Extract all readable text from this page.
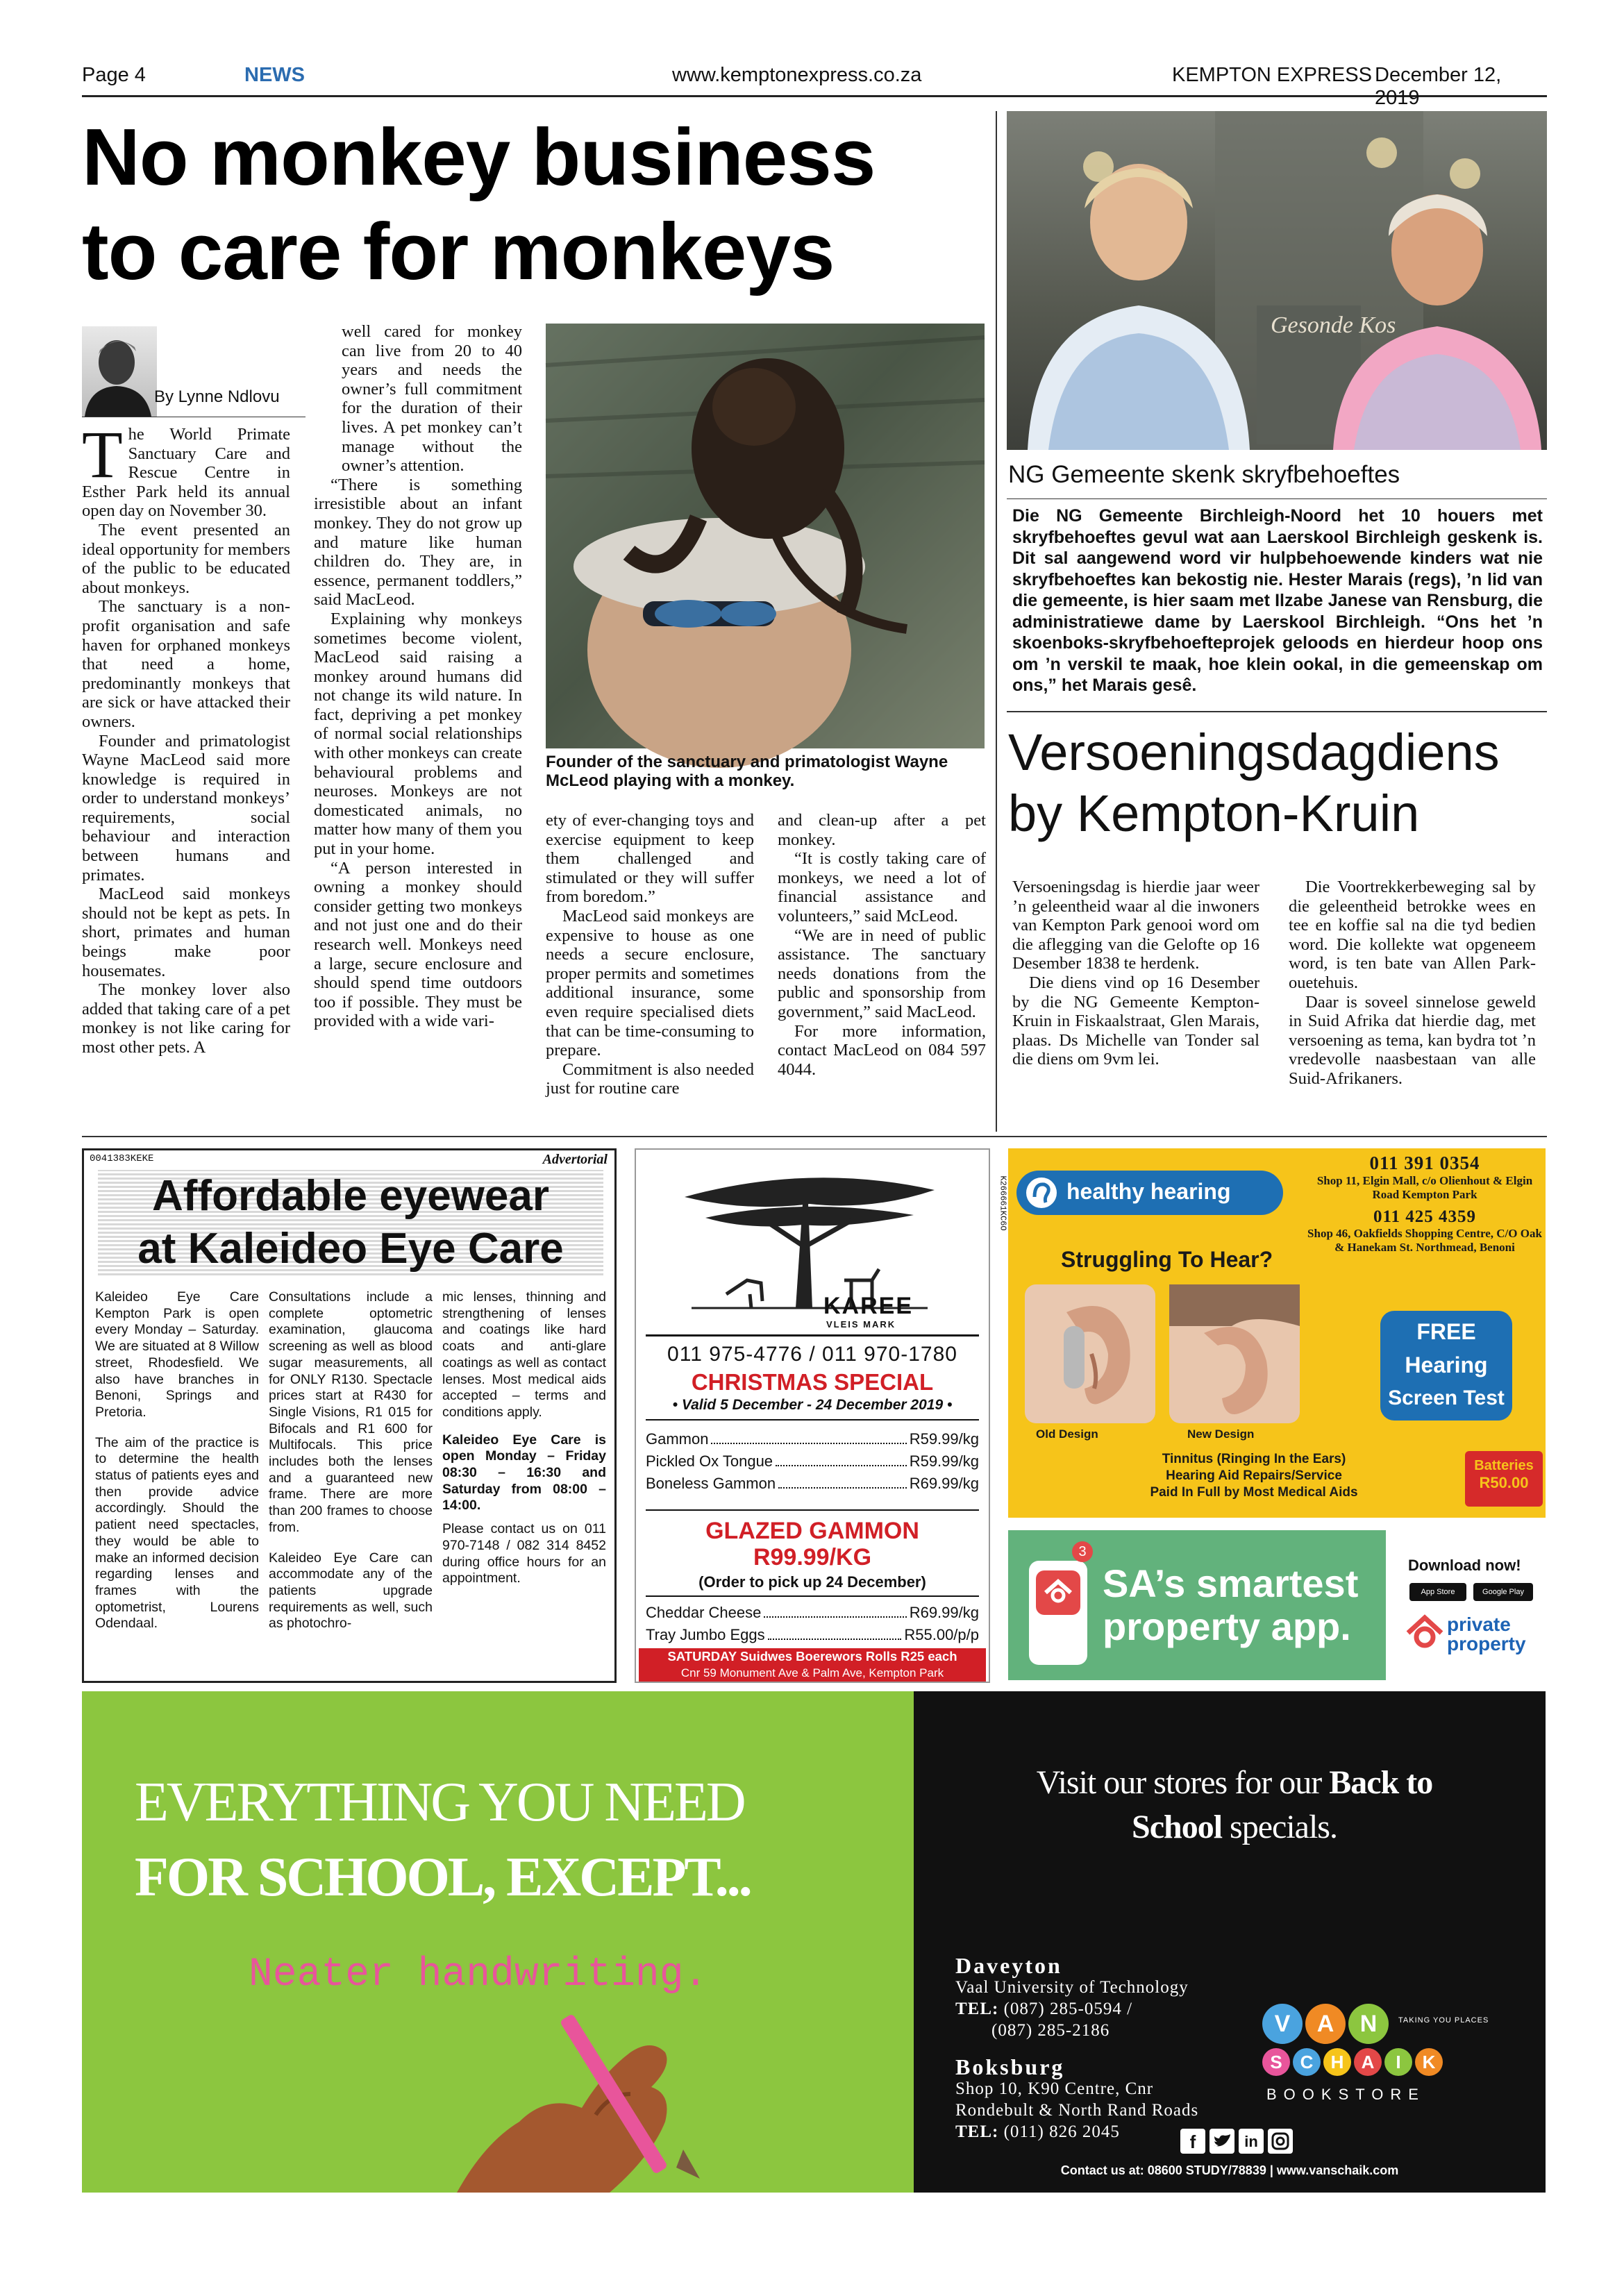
Page 4	NEWS	www.kemptonexpress.co.za	KEMPTON EXPRESS December 12, 2019
No monkey business
to care for monkeys
By Lynne Ndlovu

The World Primate Sanctuary Care and Rescue Centre in Esther Park held its annual open day on November 30.

The event presented an ideal opportunity for members of the public to be educated about monkeys.

The sanctuary is a non-profit organisation and safe haven for orphaned monkeys that need a home, predominantly monkeys that are sick or have attacked their owners.

Founder and primatologist Wayne MacLeod said more knowledge is required in order to understand monkeys’ requirements, social behaviour and interaction between humans and primates.

MacLeod said monkeys should not be kept as pets. In short, primates and human beings make poor housemates.

The monkey lover also added that taking care of a pet monkey is not like caring for most other pets. A

well cared for monkey can live from 20 to 40 years and needs the owner’s full commitment for the duration of their lives. A pet monkey can’t manage without the owner’s attention.

“There is something irresistible about an infant monkey. They do not grow up and mature like human children do. They are, in essence, permanent toddlers,” said MacLeod.

Explaining why monkeys sometimes become violent, MacLeod said raising a monkey around humans did not change its wild nature. In fact, depriving a pet monkey of normal social relationships with other monkeys can create behavioural problems and neuroses. Monkeys are not domesticated animals, no matter how many of them you put in your home.

“A person interested in owning a monkey should consider getting two monkeys and not just one and do their research well. Monkeys need a large, secure enclosure and should spend time outdoors too if possible. They must be provided with a wide vari-

Founder of the sanctuary and primatologist Wayne McLeod playing with a monkey.

ety of ever-changing toys and exercise equipment to keep them challenged and stimulated or they will suffer from boredom.”

MacLeod said monkeys are expensive to house as one needs a secure enclosure, proper permits and sometimes additional insurance, some even require specialised diets that can be time-consuming to prepare.

Commitment is also needed just for routine care

and clean-up after a pet monkey.

“It is costly taking care of monkeys, we need a lot of financial assistance and volunteers,” said McLeod.

“We are in need of public assistance. The sanctuary needs donations from the public and sponsorship from government,” said MacLeod.

For more information, contact MacLeod on 084 597 4044.

Gesonde Kos
NG Gemeente skenk skryfbehoeftes
Die NG Gemeente Birchleigh-Noord het 10 houers met skryfbehoeftes gevul wat aan Laerskool Birchleigh geskenk is. Dit sal aangewend word vir hulpbehoewende kinders wat nie skryfbehoeftes kan bekostig nie. Hester Marais (regs), ’n lid van die gemeente, is hier saam met Ilzabe Janese van Rensburg, die administratiewe dame by Laerskool Birchleigh. “Ons het ’n skoenboks-skryfbehoefteprojek geloods en hierdeur hoop ons om ’n verskil te maak, hoe klein ookal, in die gemeenskap om ons,” het Marais gesê.
Versoeningsdagdiens
by Kempton-Kruin

Versoeningsdag is hierdie jaar weer ’n geleentheid waar al die inwoners van Kempton Park genooi word om die aflegging van die Gelofte op 16 Desember 1838 te herdenk.

Die diens vind op 16 Desember by die NG Gemeente Kempton-Kruin in Fiskaalstraat, Glen Marais, plaas. Ds Michelle van Tonder sal die diens om 9vm lei.

Die Voortrekkerbeweging sal by die geleentheid betrokke wees en tee en koffie sal na die tyd bedien word. Die kollekte wat opgeneem word, is ten bate van Allen Park-ouetehuis.

Daar is soveel sinnelose geweld in Suid Afrika dat hierdie dag, met versoening as tema, kan bydra tot ’n vredevolle naasbestaan van alle Suid-Afrikaners.

0041383KEKE	Advertorial
Affordable eyewear
at Kaleideo Eye Care

Kaleideo Eye Care Kempton Park is open every Monday – Saturday. We are situated at 8 Willow street, Rhodesfield. We also have branches in Benoni, Springs and Pretoria.

The aim of the practice is to determine the health status of patients eyes and then provide advice accordingly. Should the patient need spectacles, they would be able to make an informed decision regarding lenses and frames with the optometrist, Lourens Odendaal.

Consultations include a complete optometric examination, glaucoma screening as well as blood sugar measurements, all for ONLY R130. Spectacle prices start at R430 for Single Visions, R1 015 for Bifocals and R1 600 for Multifocals. This price includes both the lenses and a guaranteed new frame. There are more than 200 frames to choose from.

Kaleideo Eye Care can accommodate any of the patients upgrade requirements as well, such as photochro-

mic lenses, thinning and strengthening of lenses and coatings like hard coats and anti-glare coatings as well as contact lenses. Most medical aids accepted – terms and conditions apply.

Kaleideo Eye Care is open Monday – Friday 08:30 – 16:30 and Saturday from 08:00 – 14:00.

Please contact us on 011 970-7148 / 082 314 8452 during office hours for an appointment.

K266661KC6O
KAREE
VLEIS MARK
011 975-4776 / 011 970-1780
CHRISTMAS SPECIAL
• Valid 5 December - 24 December 2019 •
Gammon	R59.99/kg
Pickled Ox Tongue	R59.99/kg
Boneless Gammon	R69.99/kg
GLAZED GAMMON
R99.99/KG
(Order to pick up 24 December)
Cheddar Cheese	R69.99/kg
Tray Jumbo Eggs	R55.00/p/p
SATURDAY Suidwes Boerewors Rolls R25 each
Cnr 59 Monument Ave & Palm Ave, Kempton Park
healthy hearing
Struggling To Hear?
011 391 0354
Shop 11, Elgin Mall, c/o Olienhout & Elgin Road Kempton Park
011 425 4359
Shop 46, Oakfields Shopping Centre, C/O Oak & Hanekam St. Northmead, Benoni
Old Design	New Design
FREE
Hearing
Screen Test
Tinnitus (Ringing In the Ears)
Hearing Aid Repairs/Service
Paid In Full by Most Medical Aids
Batteries
R50.00
3
SA’s smartest
property app.
Download now!
App Store	Google Play
private
property
EVERYTHING YOU NEED
FOR SCHOOL, EXCEPT...
Neater handwriting.
Visit our stores for our Back to
School specials.
Daveyton
Vaal University of Technology
TEL: (087) 285-0594 /
(087) 285-2186
Boksburg
Shop 10, K90 Centre, Cnr
Rondebult & North Rand Roads
TEL: (011) 826 2045
V	A	N	TAKING YOU PLACES
S C H A	I	K
BOOKSTORE
f	in
Contact us at: 08600 STUDY/78839 | www.vanschaik.com
